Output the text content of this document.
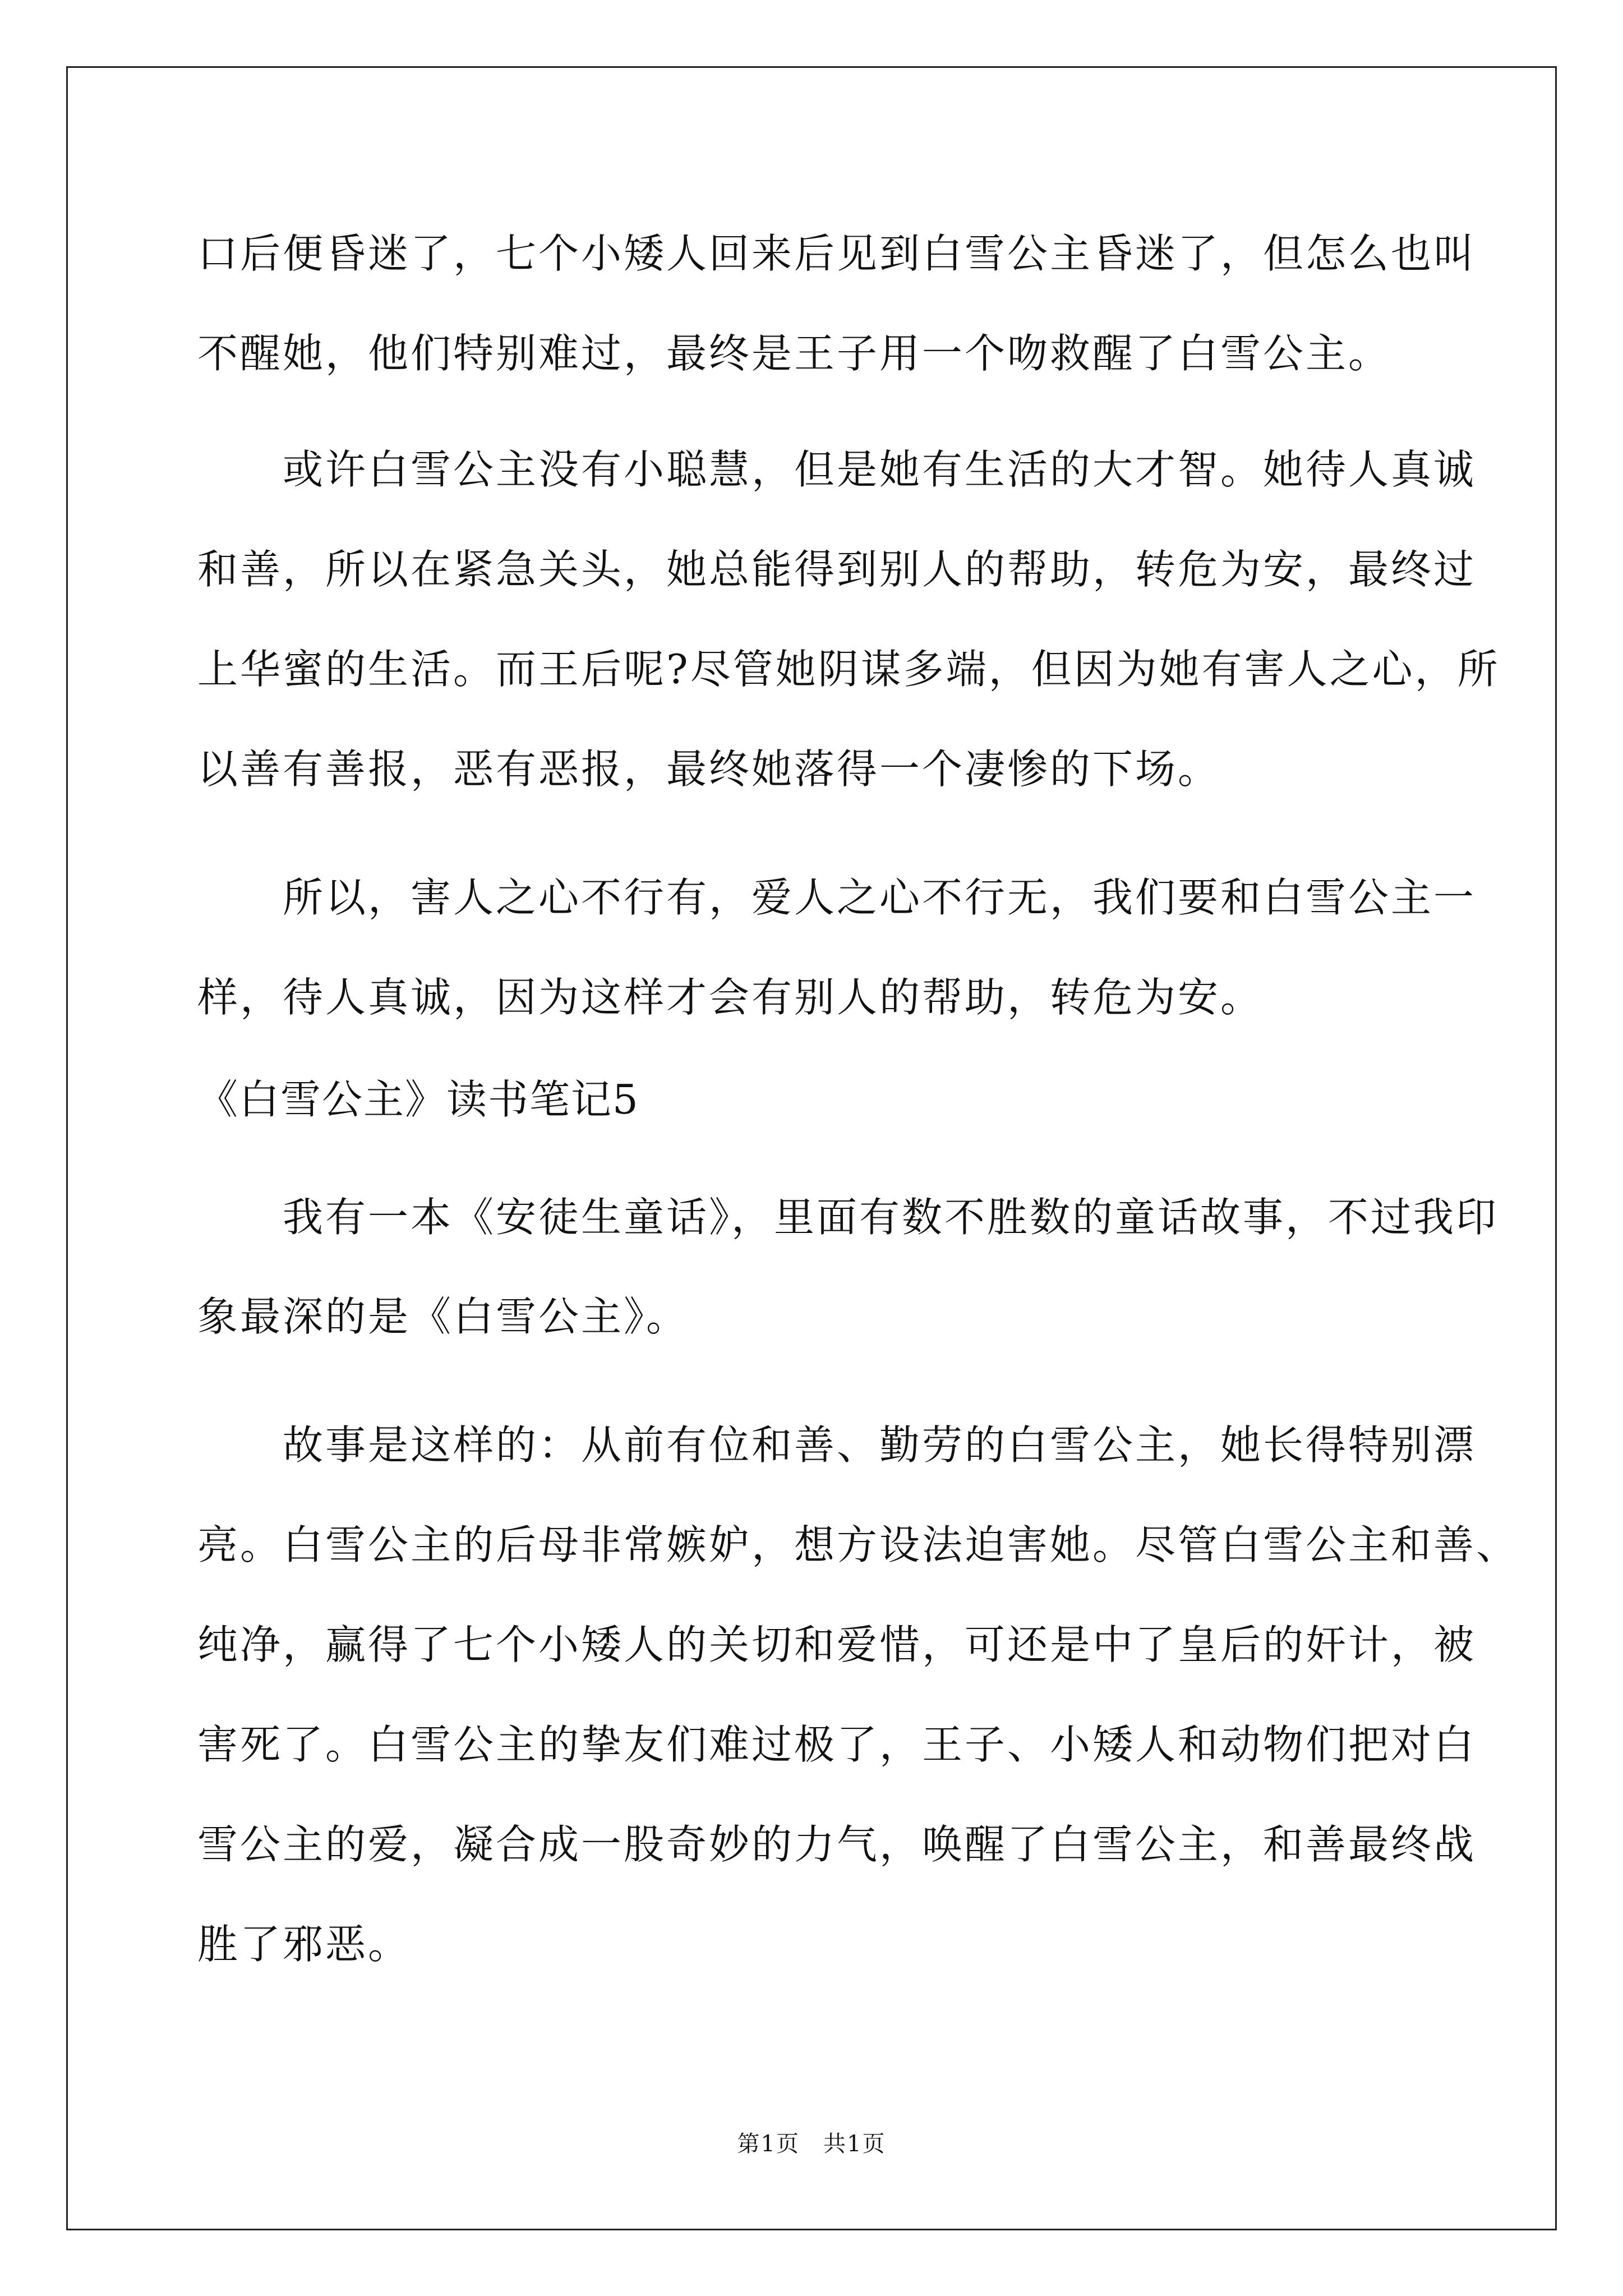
口后便昏迷了，七个小矮人回来后见到白雪公主昏迷了，但怎么也叫
不醒她，他们特别难过，最终是王子用一个吻救醒了白雪公主。
　　或许白雪公主没有小聪慧，但是她有生活的大才智。她待人真诚
和善，所以在紧急关头，她总能得到别人的帮助，转危为安，最终过
上华蜜的生活。而王后呢?尽管她阴谋多端，但因为她有害人之心，所
以善有善报，恶有恶报，最终她落得一个凄惨的下场。
　　所以，害人之心不行有，爱人之心不行无，我们要和白雪公主一
样，待人真诚，因为这样才会有别人的帮助，转危为安。
《白雪公主》读书笔记5
　　我有一本《安徒生童话》，里面有数不胜数的童话故事，不过我印
象最深的是《白雪公主》。
　　故事是这样的：从前有位和善、勤劳的白雪公主，她长得特别漂
亮。白雪公主的后母非常嫉妒，想方设法迫害她。尽管白雪公主和善、
纯净，赢得了七个小矮人的关切和爱惜，可还是中了皇后的奸计，被
害死了。白雪公主的挚友们难过极了，王子、小矮人和动物们把对白
雪公主的爱，凝合成一股奇妙的力气，唤醒了白雪公主，和善最终战
胜了邪恶。
第1页　共1页
